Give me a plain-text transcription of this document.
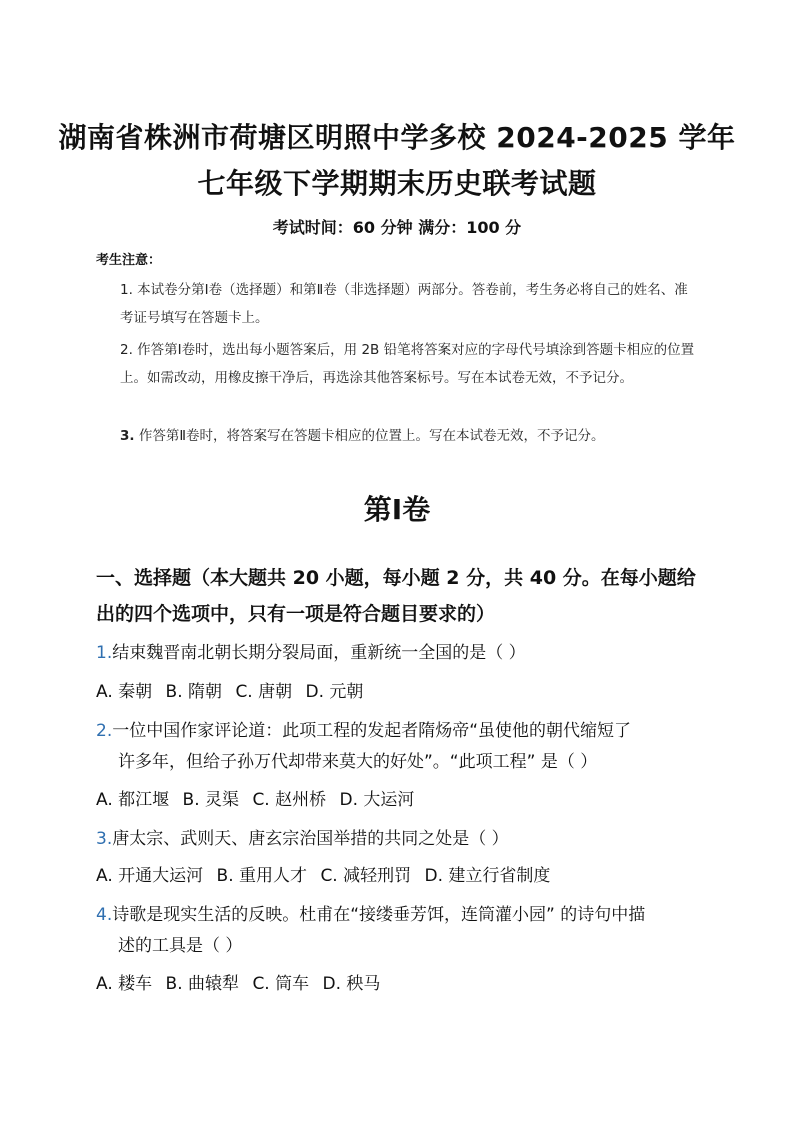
湖南省株洲市荷塘区明照中学多校 2024-2025 学年
七年级下学期期末历史联考试题
考试时间：60 分钟 满分：100 分
考生注意：
1. 本试卷分第Ⅰ卷（选择题）和第Ⅱ卷（非选择题）两部分。答卷前，考生务必将自己的姓名、准考证号填写在答题卡上。
2. 作答第Ⅰ卷时，选出每小题答案后，用 2B 铅笔将答案对应的字母代号填涂到答题卡相应的位置上。如需改动，用橡皮擦干净后，再选涂其他答案标号。写在本试卷无效，不予记分。
3. 作答第Ⅱ卷时，将答案写在答题卡相应的位置上。写在本试卷无效，不予记分。
第Ⅰ卷
一、选择题（本大题共 20 小题，每小题 2 分，共 40 分。在每小题给出的四个选项中，只有一项是符合题目要求的）
1.结束魏晋南北朝长期分裂局面，重新统一全国的是（ ）
A. 秦朝 B. 隋朝 C. 唐朝 D. 元朝
2.一位中国作家评论道：此项工程的发起者隋炀帝“虽使他的朝代缩短了
许多年，但给子孙万代却带来莫大的好处”。“此项工程” 是（ ）
A. 都江堰 B. 灵渠 C. 赵州桥 D. 大运河
3.唐太宗、武则天、唐玄宗治国举措的共同之处是（ ）
A. 开通大运河 B. 重用人才 C. 减轻刑罚 D. 建立行省制度
4.诗歌是现实生活的反映。杜甫在“接缕垂芳饵，连筒灌小园” 的诗句中描
述的工具是（ ）
A. 耧车 B. 曲辕犁 C. 筒车 D. 秧马
